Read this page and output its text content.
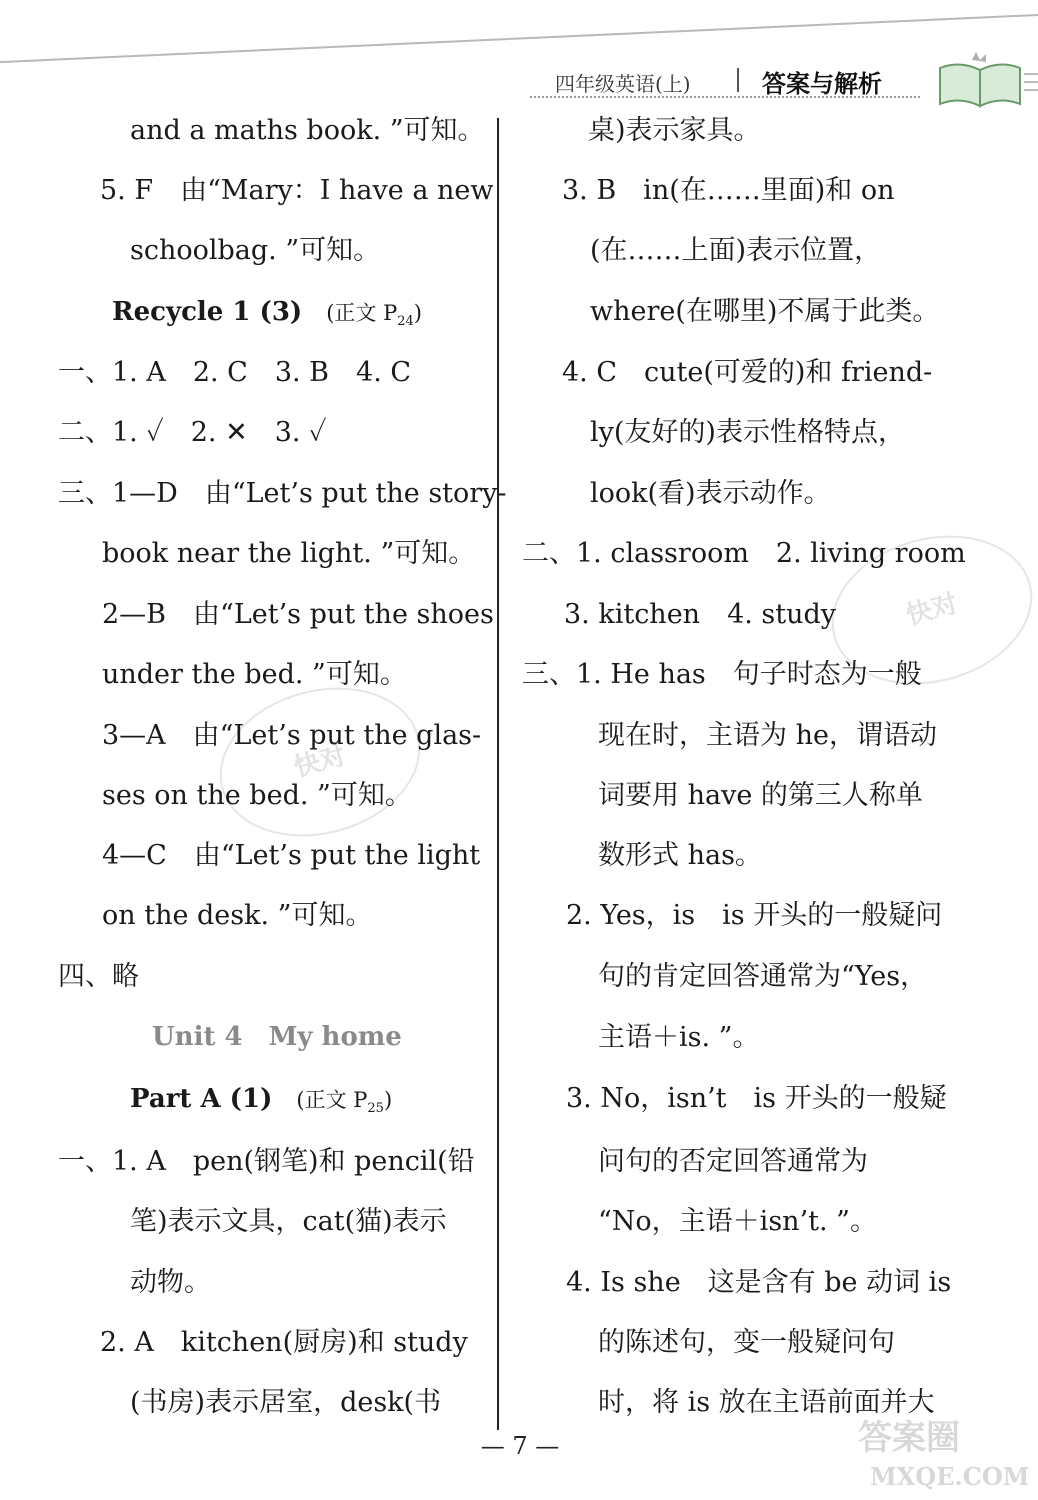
四年级英语(上)	答案与解析
快对
快对
and a maths book. ”可知。
5. F　由“Mary：I have a new
schoolbag. ”可知。
Recycle 1 (3) (正文 $P_{24}$)
一、1. A　2. C　3. B　4. C
二、1. ✓　2. ✕　3. ✓
三、1—D　由“Let’s put the story-
book near the light. ”可知。
2—B　由“Let’s put the shoes
under the bed. ”可知。
3—A　由“Let’s put the glas-
ses on the bed. ”可知。
4—C　由“Let’s put the light
on the desk. ”可知。
四、略
Unit 4　My home
Part A (1) (正文 $P_{25}$)
一、1. A　pen(钢笔)和 pencil(铅
笔)表示文具，cat(猫)表示
动物。
2. A　kitchen(厨房)和 study
(书房)表示居室，desk(书
桌)表示家具。
3. B　in(在……里面)和 on
(在……上面)表示位置，
where(在哪里)不属于此类。
4. C　cute(可爱的)和 friend-
ly(友好的)表示性格特点，
look(看)表示动作。
二、1. classroom　2. living room
3. kitchen　4. study
三、1. He has　句子时态为一般
现在时，主语为 he，谓语动
词要用 have 的第三人称单
数形式 has。
2. Yes，is　is 开头的一般疑问
句的肯定回答通常为“Yes，
主语＋is. ”。
3. No，isn’t　is 开头的一般疑
问句的否定回答通常为
“No，主语＋isn’t. ”。
4. Is she　这是含有 be 动词 is
的陈述句，变一般疑问句
时，将 is 放在主语前面并大
— 7 —	答案圈
MXQE.COM
